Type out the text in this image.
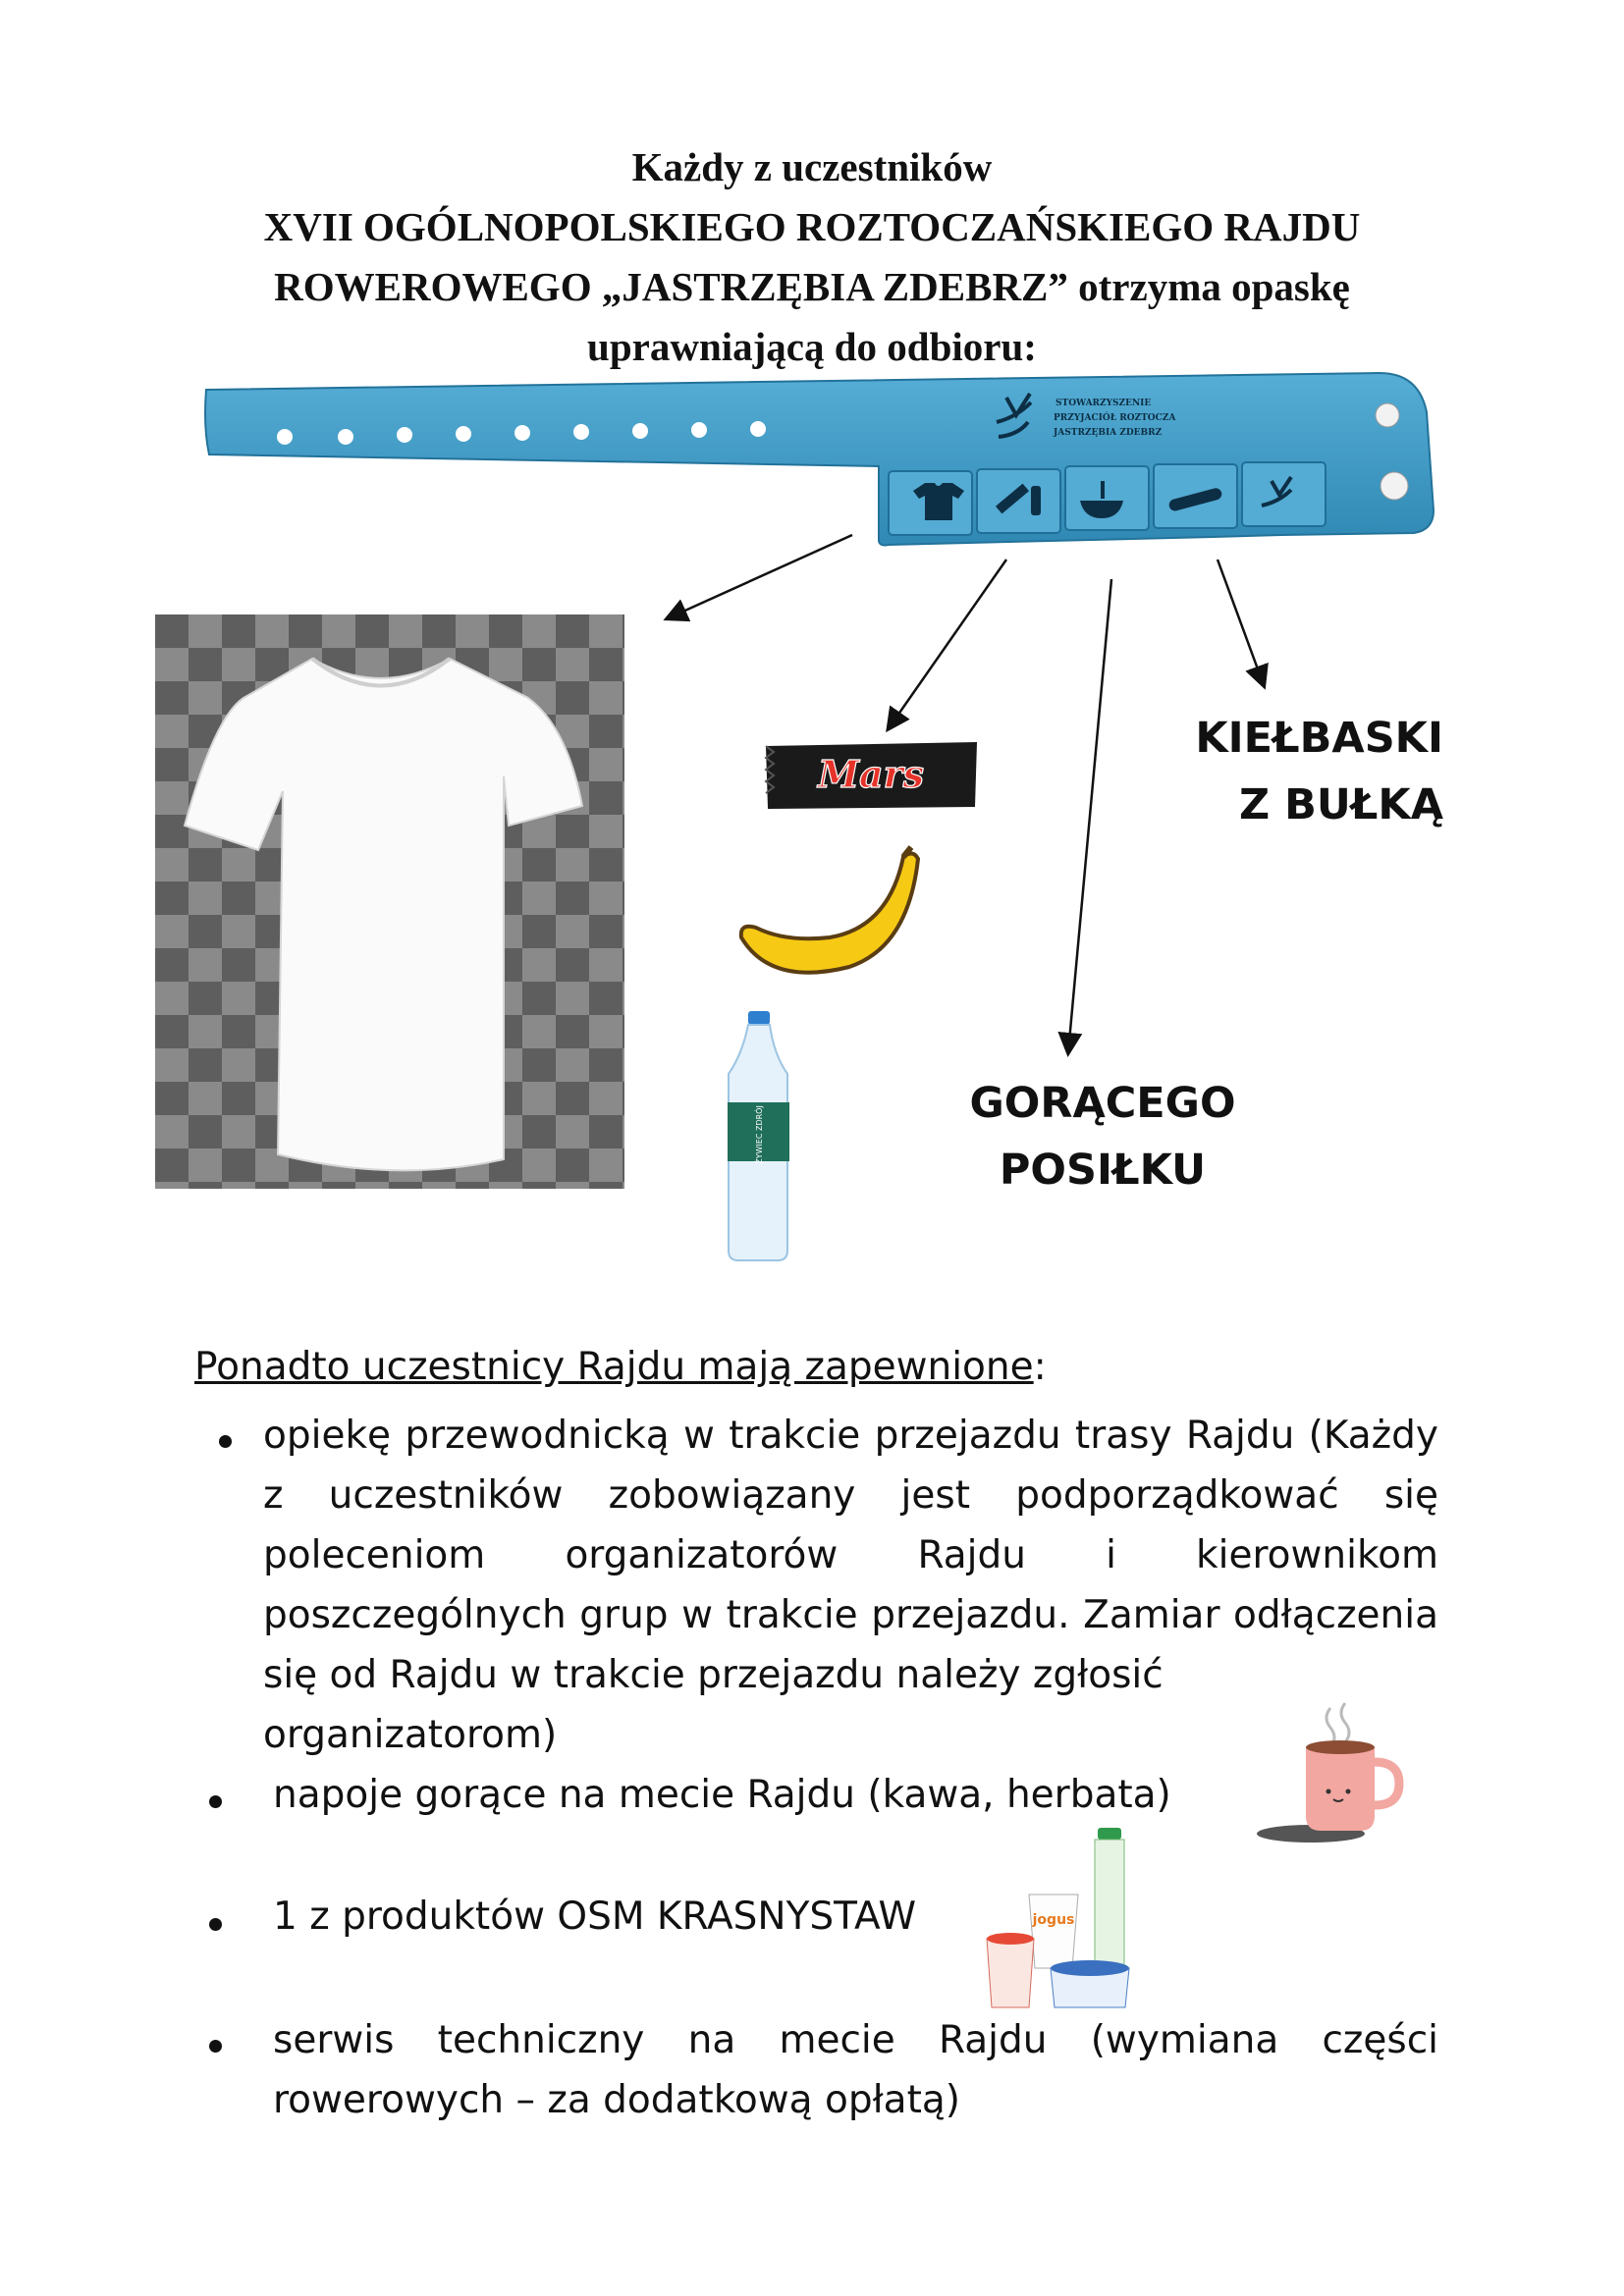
Każdy z uczestników
XVII OGÓLNOPOLSKIEGO ROZTOCZAŃSKIEGO RAJDU
ROWEROWEGO „JASTRZĘBIA ZDEBRZ” otrzyma opaskę
uprawniającą do odbioru:
STOWARZYSZENIE
PRZYJACIÓŁ ROZTOCZA
JASTRZĘBIA ZDEBRZ
Mars
ŻYWIEC ZDRÓJ
KIEŁBASKI
Z BUŁKĄ
GORĄCEGO
POSIŁKU
Ponadto uczestnicy Rajdu mają zapewnione:
opiekę przewodnicką w trakcie przejazdu trasy Rajdu (Każdy z uczestników zobowiązany jest podporządkować się poleceniom organizatorów Rajdu i kierownikom poszczególnych grup w trakcie przejazdu. Zamiar odłączenia się od Rajdu w trakcie przejazdu należy zgłosić
organizatorom)
napoje gorące na mecie Rajdu (kawa, herbata)
1 z produktów OSM KRASNYSTAW
serwis techniczny na mecie Rajdu (wymiana części
rowerowych – za dodatkową opłatą)
jogus
